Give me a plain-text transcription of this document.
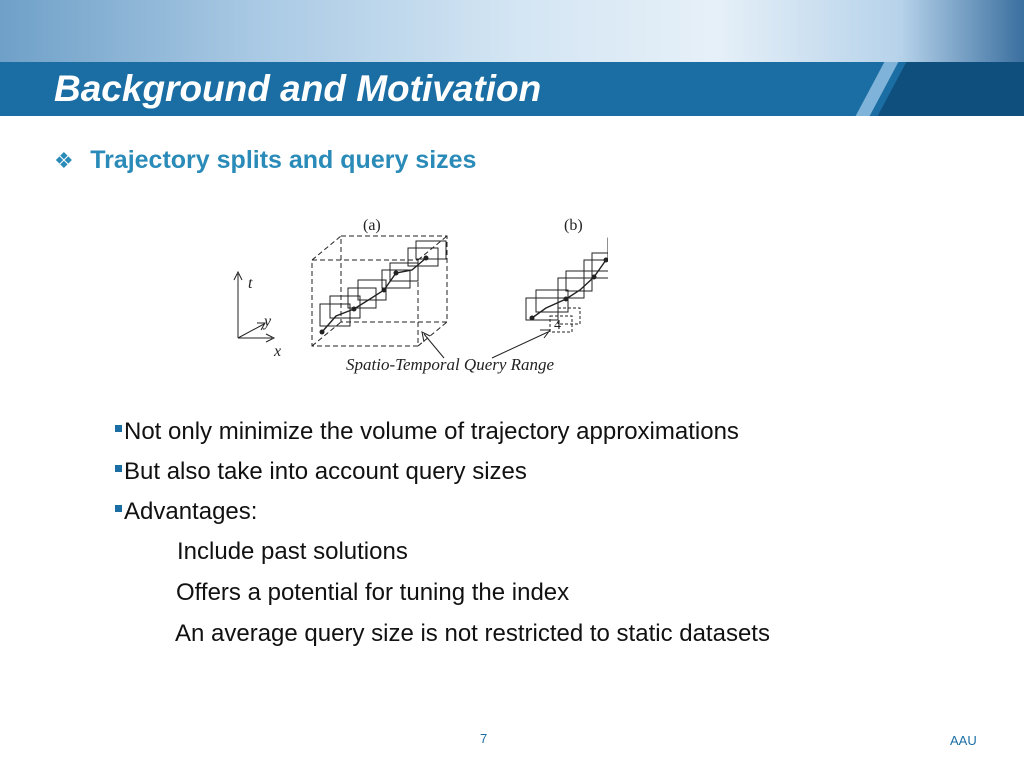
Background and Motivation
❖ Trajectory splits and query sizes
(a)	(b)
t
y
x
4
Spatio-Temporal Query Range
Not only minimize the volume of trajectory approximations
But also take into account query sizes
Advantages:
Include past solutions
Offers a potential for tuning the index
An average query size is not restricted to static datasets
7	AAU
